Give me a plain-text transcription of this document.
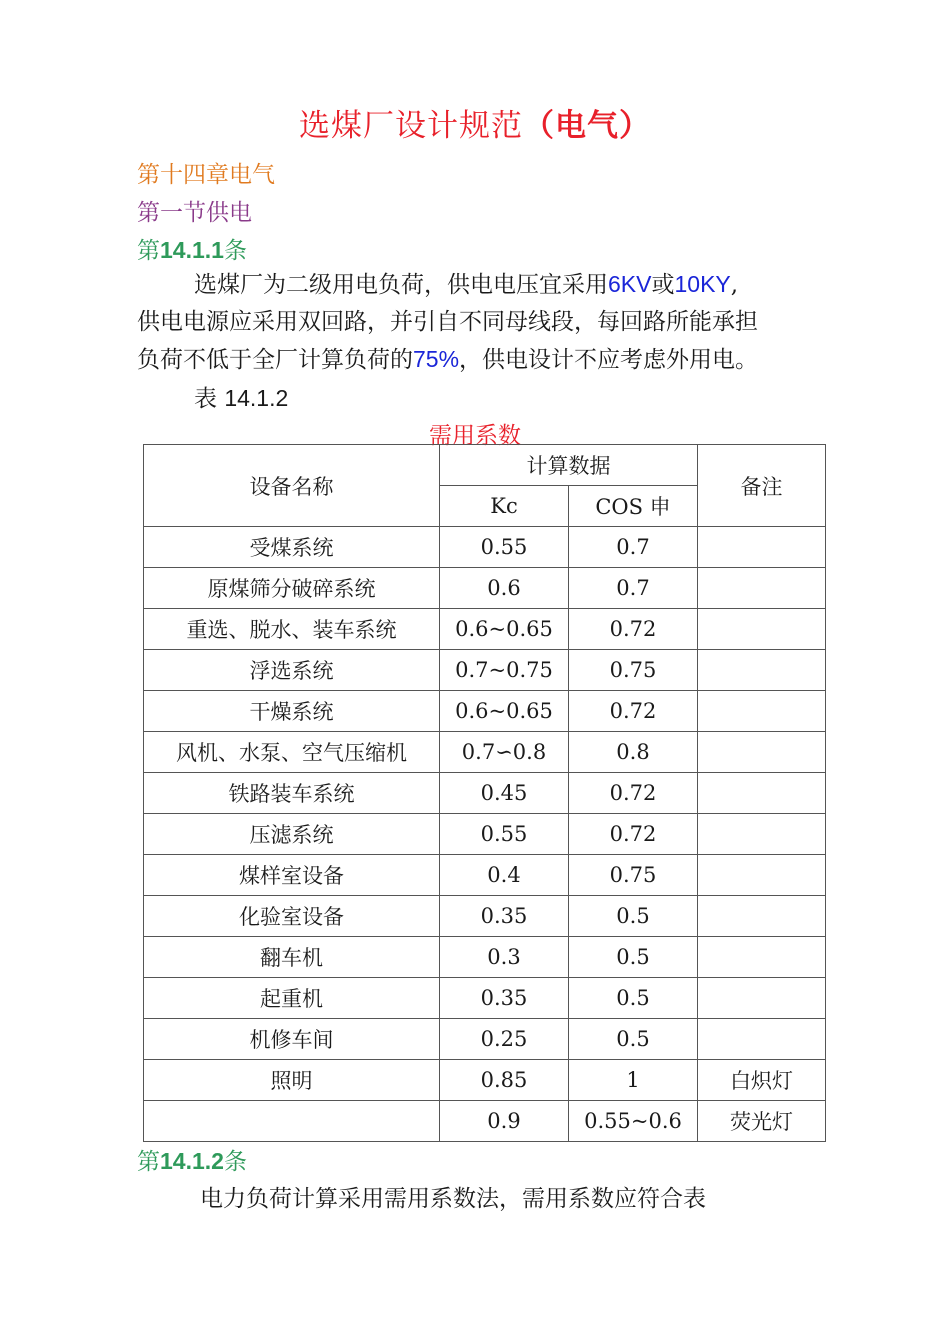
选煤厂设计规范（电气）
第十四章电气
第一节供电
第14.1.1条
选煤厂为二级用电负荷，供电电压宜采用6KV或10KY,
供电电源应采用双回路，并引自不同母线段，每回路所能承担
负荷不低于全厂计算负荷的75%，供电设计不应考虑外用电。
表 14.1.2
需用系数
设备名称	计算数据		备注
	Kc	COS 申	
受煤系统	0.55	0.7	
原煤筛分破碎系统	0.6	0.7	
重选、脱水、装车系统	0.6~0.65	0.72	
浮选系统	0.7~0.75	0.75	
干燥系统	0.6~0.65	0.72	
风机、水泵、空气压缩机	0.7∽0.8	0.8	
铁路装车系统	0.45	0.72	
压滤系统	0.55	0.72	
煤样室设备	0.4	0.75	
化验室设备	0.35	0.5	
翻车机	0.3	0.5	
起重机	0.35	0.5	
机修车间	0.25	0.5	
照明	0.85	1	白炽灯
	0.9	0.55~0.6	荧光灯
第14.1.2条
电力负荷计算采用需用系数法，需用系数应符合表
